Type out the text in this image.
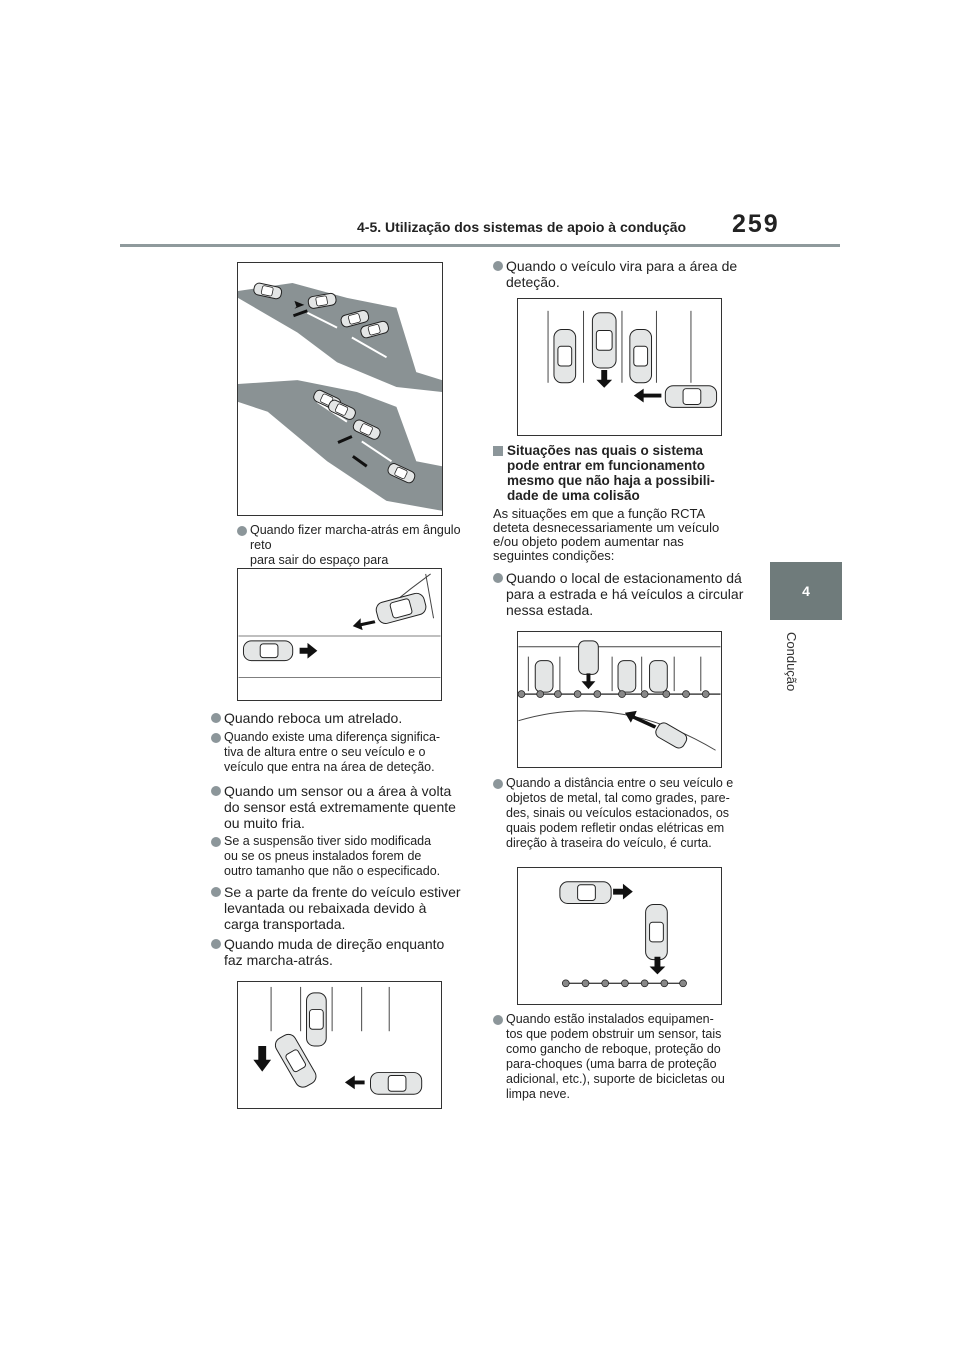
4-5. Utilização dos sistemas de apoio à condução 259
4
Condução
Quando fizer marcha-atrás em ângulo reto
para sair do espaço para
Quando reboca um atrelado.
Quando existe uma diferença significa-
tiva de altura entre o seu veículo e o
veículo que entra na área de deteção.
Quando um sensor ou a área à volta
do sensor está extremamente quente
ou muito fria.
Se a suspensão tiver sido modificada
ou se os pneus instalados forem de
outro tamanho que não o especificado.
Se a parte da frente do veículo estiver
levantada ou rebaixada devido à
carga transportada.
Quando muda de direção enquanto
faz marcha-atrás.
Quando o veículo vira para a área de
deteção.
Situações nas quais o sistema
pode entrar em funcionamento
mesmo que não haja a possibili-
dade de uma colisão
As situações em que a função RCTA
deteta desnecessariamente um veículo
e/ou objeto podem aumentar nas
seguintes condições:
Quando o local de estacionamento dá
para a estrada e há veículos a circular
nessa estada.
Quando a distância entre o seu veículo e
objetos de metal, tal como grades, pare-
des, sinais ou veículos estacionados, os
quais podem refletir ondas elétricas em
direção à traseira do veículo, é curta.
Quando estão instalados equipamen-
tos que podem obstruir um sensor, tais
como gancho de reboque, proteção do
para-choques (uma barra de proteção
adicional, etc.), suporte de bicicletas ou
limpa neve.
